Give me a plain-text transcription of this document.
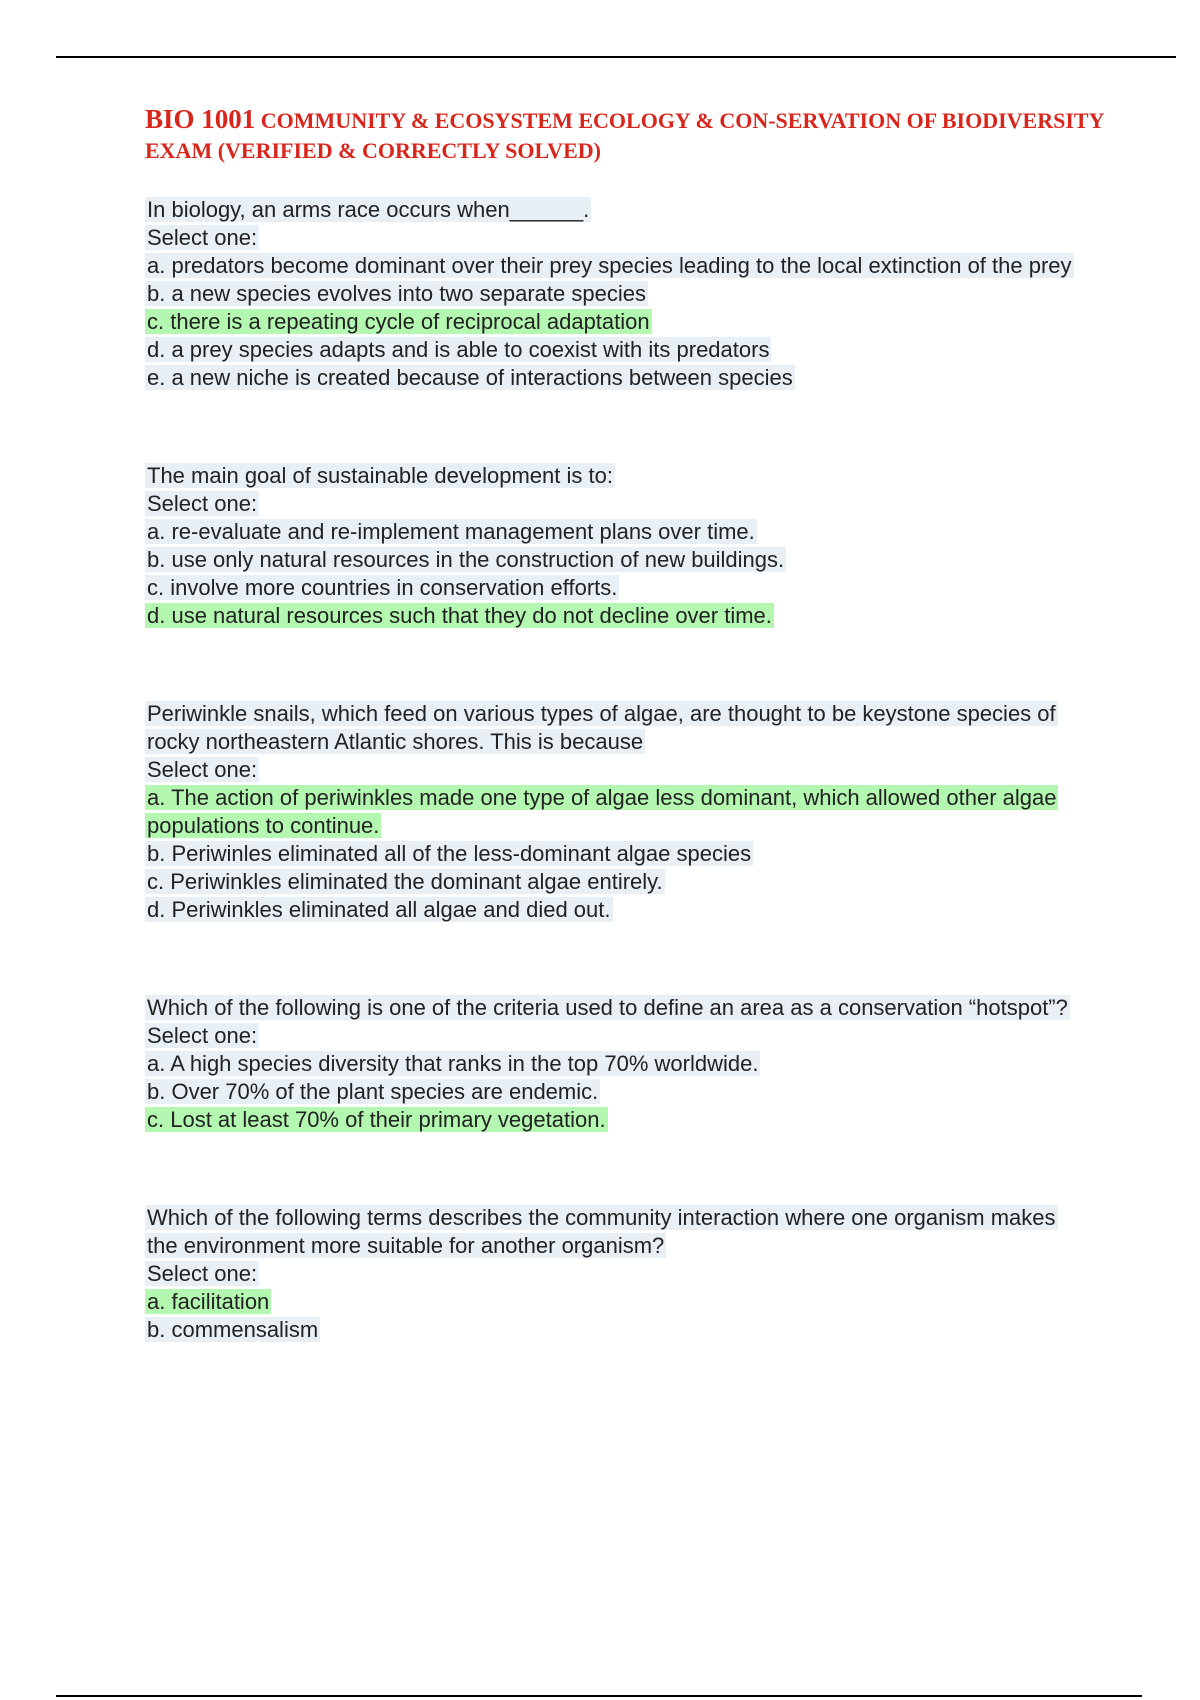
BIO 1001 COMMUNITY & ECOSYSTEM ECOLOGY & CON-SERVATION OF BIODIVERSITY EXAM (VERIFIED & CORRECTLY SOLVED)
In biology, an arms race occurs when______.
Select one:
a. predators become dominant over their prey species leading to the local extinction of the prey
b. a new species evolves into two separate species
c. there is a repeating cycle of reciprocal adaptation
d. a prey species adapts and is able to coexist with its predators
e. a new niche is created because of interactions between species
The main goal of sustainable development is to:
Select one:
a. re-evaluate and re-implement management plans over time.
b. use only natural resources in the construction of new buildings.
c. involve more countries in conservation efforts.
d. use natural resources such that they do not decline over time.
Periwinkle snails, which feed on various types of algae, are thought to be keystone species of rocky northeastern Atlantic shores. This is because
Select one:
a. The action of periwinkles made one type of algae less dominant, which allowed other algae populations to continue.
b. Periwinles eliminated all of the less-dominant algae species
c. Periwinkles eliminated the dominant algae entirely.
d. Periwinkles eliminated all algae and died out.
Which of the following is one of the criteria used to define an area as a conservation “hotspot”?
Select one:
a. A high species diversity that ranks in the top 70% worldwide.
b. Over 70% of the plant species are endemic.
c. Lost at least 70% of their primary vegetation.
Which of the following terms describes the community interaction where one organism makes the environment more suitable for another organism?
Select one:
a. facilitation
b. commensalism
